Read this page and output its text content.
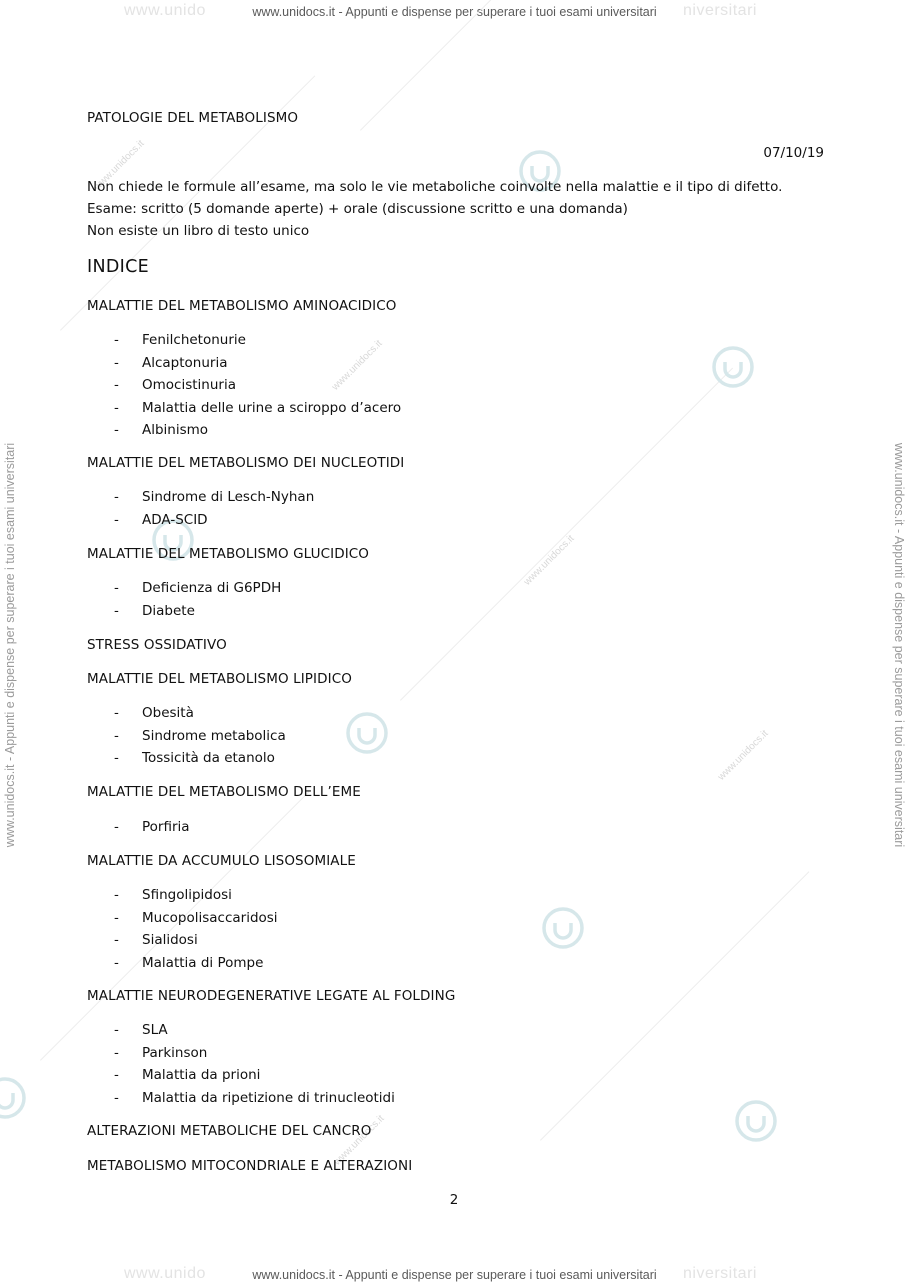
www.unido	niversitari
www.unidocs.it - Appunti e dispense per superare i tuoi esami universitari
www.unido	niversitari
www.unidocs.it - Appunti e dispense per superare i tuoi esami universitari
www.unidocs.it - Appunti e dispense per superare i tuoi esami universitari	www.unidocs.it - Appunti e dispense per superare i tuoi esami universitari
www.unidocs.it
www.unidocs.it
www.unidocs.it
www.unidocs.it
www.unidocs.it
PATOLOGIE DEL METABOLISMO
07/10/19
Non chiede le formule all’esame, ma solo le vie metaboliche coinvolte nella malattie e il tipo di difetto.
Esame: scritto (5 domande aperte) + orale (discussione scritto e una domanda)
Non esiste un libro di testo unico
INDICE
MALATTIE DEL METABOLISMO AMINOACIDICO
- Fenilchetonurie
- Alcaptonuria
- Omocistinuria
- Malattia delle urine a sciroppo d’acero
- Albinismo
MALATTIE DEL METABOLISMO DEI NUCLEOTIDI
- Sindrome di Lesch-Nyhan
- ADA-SCID
MALATTIE DEL METABOLISMO GLUCIDICO
- Deficienza di G6PDH
- Diabete
STRESS OSSIDATIVO
MALATTIE DEL METABOLISMO LIPIDICO
- Obesità
- Sindrome metabolica
- Tossicità da etanolo
MALATTIE DEL METABOLISMO DELL’EME
- Porfiria
MALATTIE DA ACCUMULO LISOSOMIALE
- Sfingolipidosi
- Mucopolisaccaridosi
- Sialidosi
- Malattia di Pompe
MALATTIE NEURODEGENERATIVE LEGATE AL FOLDING
- SLA
- Parkinson
- Malattia da prioni
- Malattia da ripetizione di trinucleotidi
ALTERAZIONI METABOLICHE DEL CANCRO
METABOLISMO MITOCONDRIALE E ALTERAZIONI
2
